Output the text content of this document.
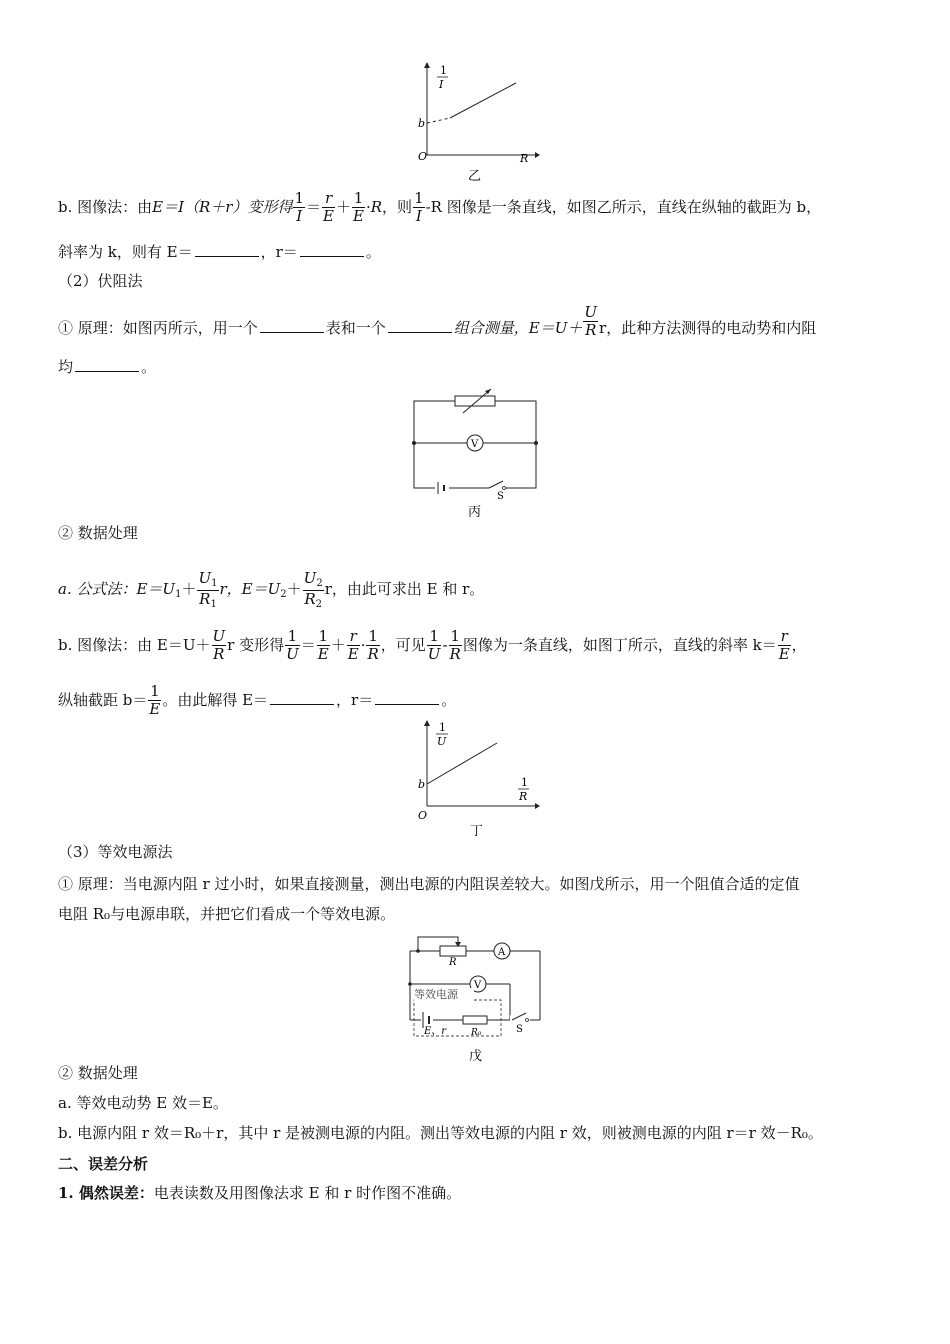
1
I
b
O	R
乙
b. 图像法：由E＝I（R＋r）变形得 $\frac{1}{I} = \frac{r}{E} + \frac{1}{E} \cdot R$，则 $\frac{1}{I} -R$ 图像是一条直线，如图乙所示，直线在纵轴的截距为 b，
斜率为 k，则有 E＝	，r＝	。
（2）伏阻法
① 原理：如图丙所示，用一个	表和一个	组合测量，$E=U+ \frac{U}{R}$ r，此种方法测得的电动势和内阻
均	。
V
S
丙
② 数据处理
a. 公式法：$E=U_1+ \frac{U_1}{R_1}$ r，$E=U_2+ \frac{U_2}{R_2}$ r，由此可求出 E 和 r。
b. 图像法：由 $E=U+ \frac{U}{R}$ r 变形得 $\frac{1}{U} = \frac{1}{E} + \frac{r}{E} \cdot \frac{1}{R}$ ，可见 $\frac{1}{U} - \frac{1}{R}$ 图像为一条直线，如图丁所示，直线的斜率 $k= \frac{r}{E}$ ，
纵轴截距 $b= \frac{1}{E}$ 。由此解得 E＝	，r＝	。
1
U
b
O
1
R
丁
（3）等效电源法
① 原理：当电源内阻 r 过小时，如果直接测量，测出电源的内阻误差较大。如图戊所示，用一个阻值合适的定值
电阻 R₀与电源串联，并把它们看成一个等效电源。
R
A
V
等效电源
E、r	R₀	S
戊
② 数据处理
a. 等效电动势 E 效＝E。
b. 电源内阻 r 效＝R₀＋r，其中 r 是被测电源的内阻。测出等效电源的内阻 r 效，则被测电源的内阻 r＝r 效－R₀。
二、误差分析
1. 偶然误差：电表读数及用图像法求 E 和 r 时作图不准确。
